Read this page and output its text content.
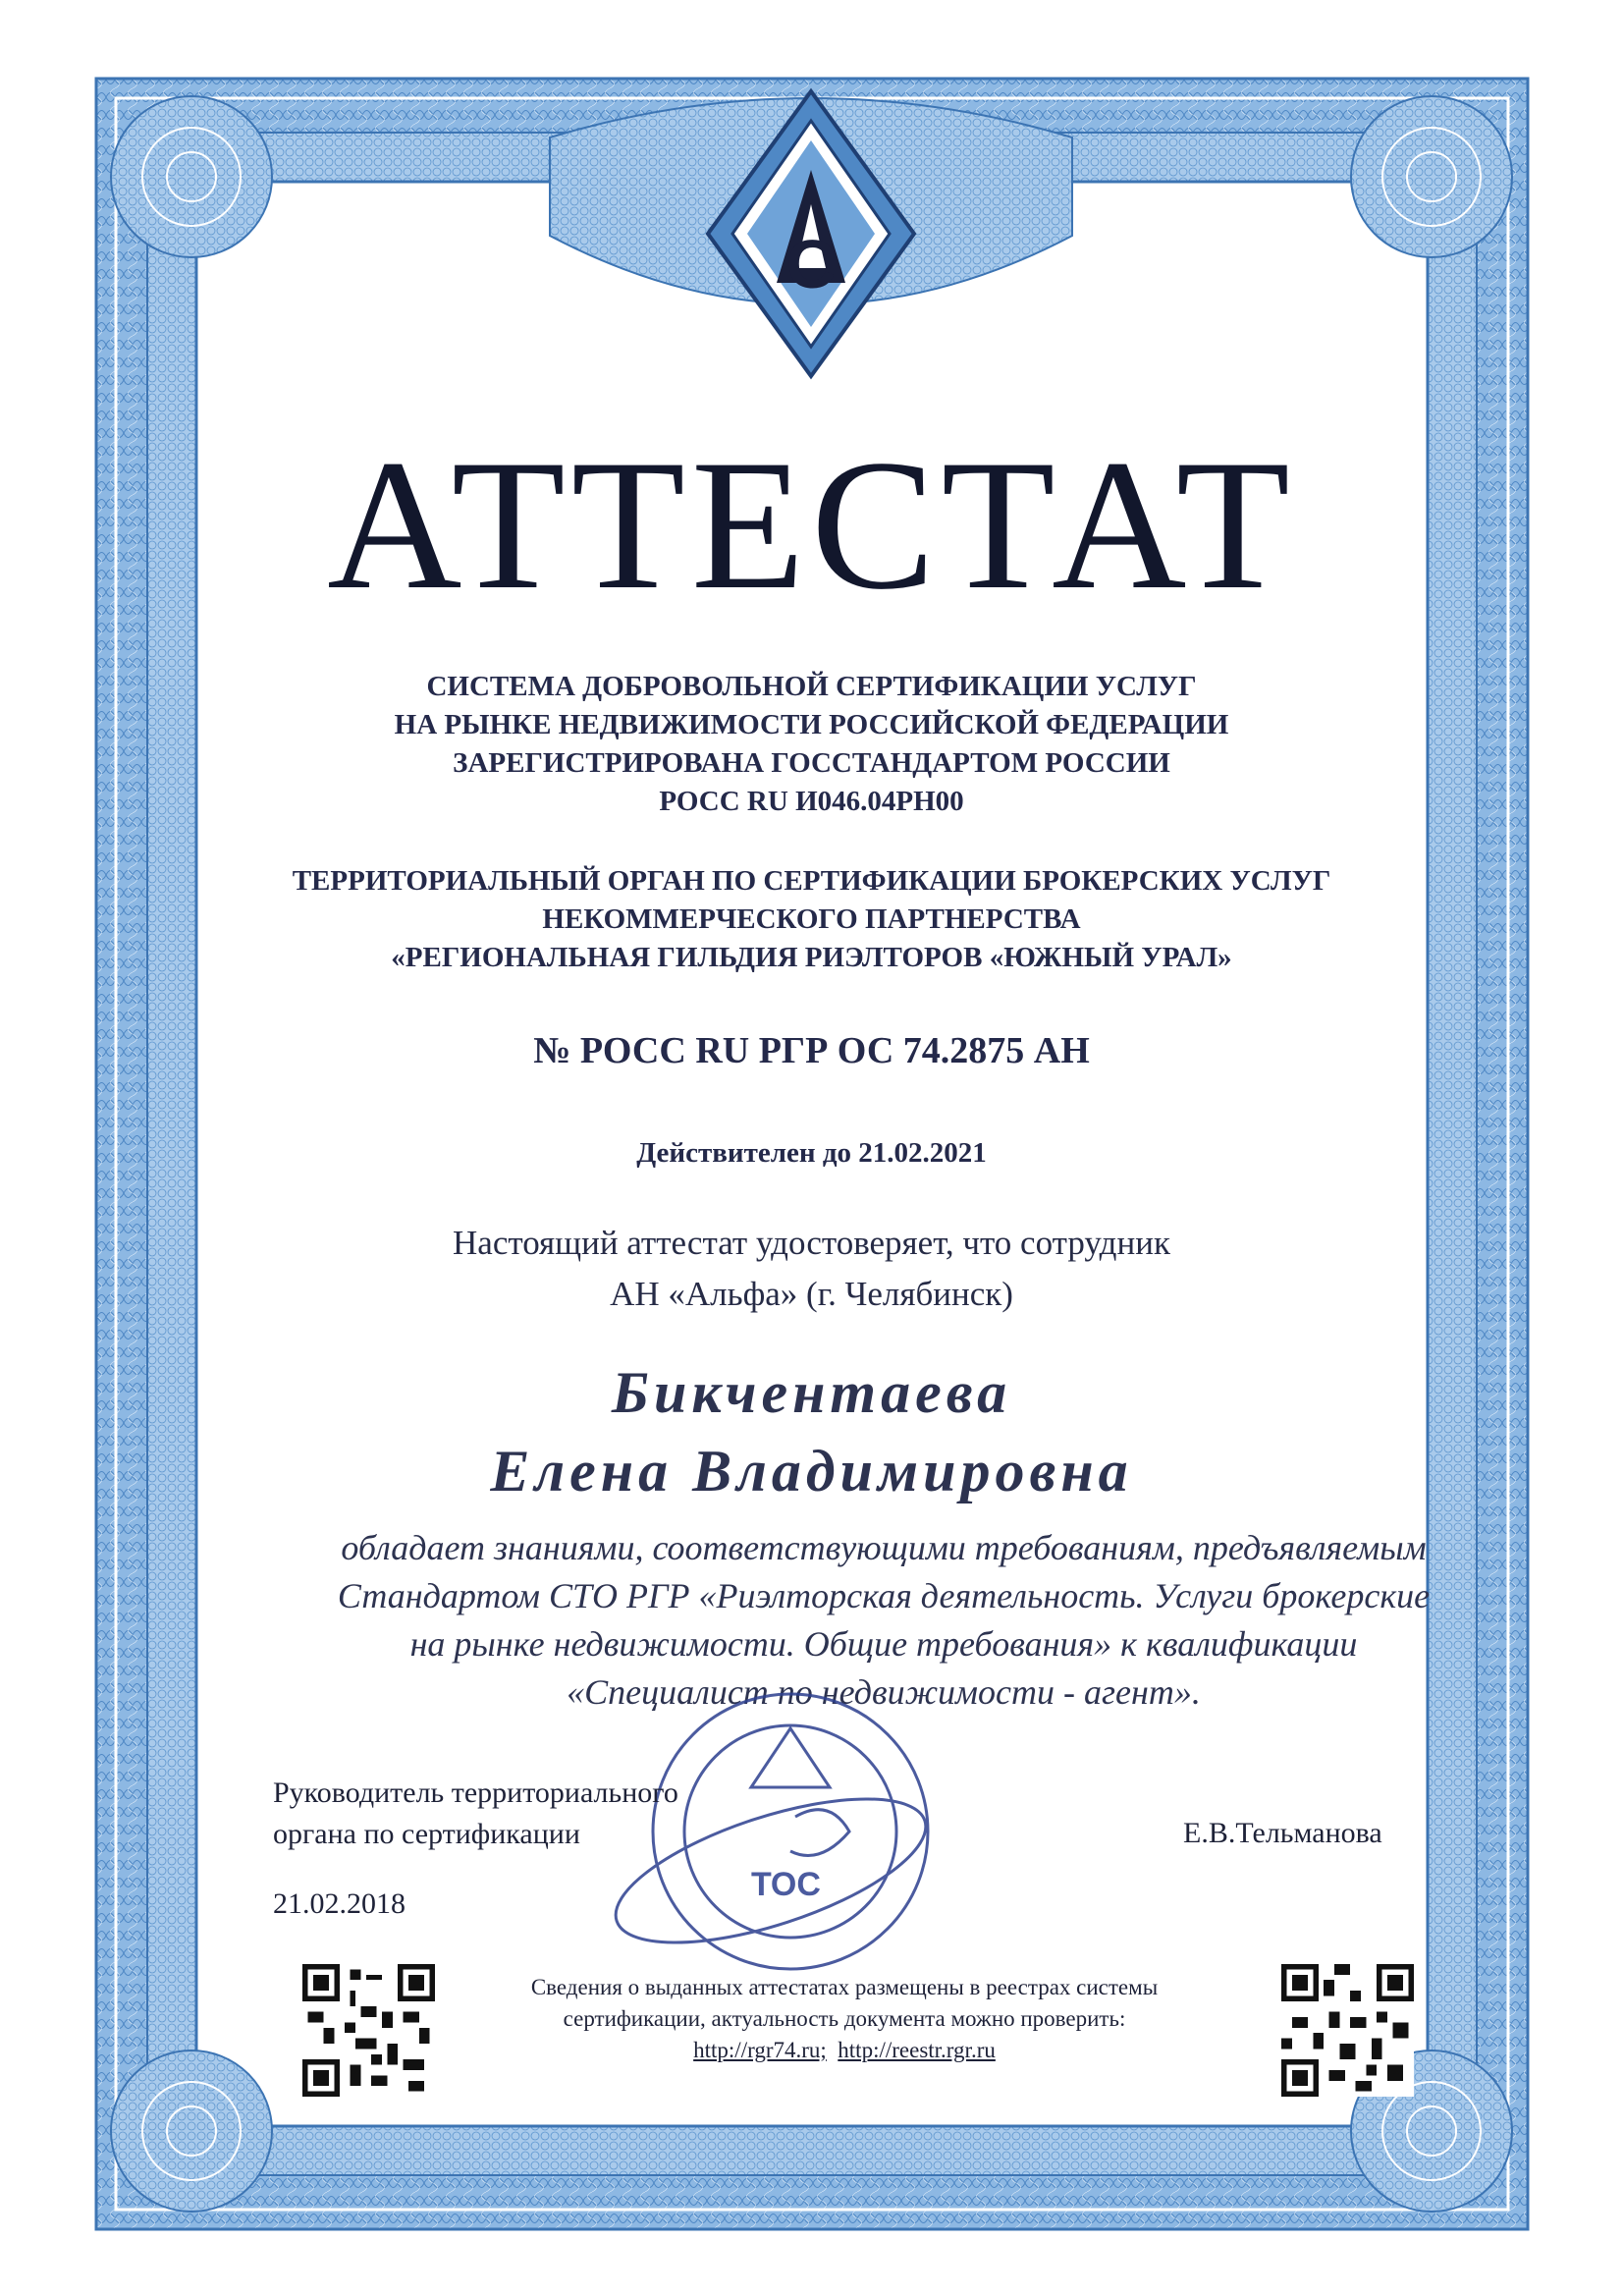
C
АТТЕСТАТ
СИСТЕМА ДОБРОВОЛЬНОЙ СЕРТИФИКАЦИИ УСЛУГ
НА РЫНКЕ НЕДВИЖИМОСТИ РОССИЙСКОЙ ФЕДЕРАЦИИ
ЗАРЕГИСТРИРОВАНА ГОССТАНДАРТОМ РОССИИ
РОСС RU И046.04РН00
ТЕРРИТОРИАЛЬНЫЙ ОРГАН ПО СЕРТИФИКАЦИИ БРОКЕРСКИХ УСЛУГ
НЕКОММЕРЧЕСКОГО ПАРТНЕРСТВА
«РЕГИОНАЛЬНАЯ ГИЛЬДИЯ РИЭЛТОРОВ «ЮЖНЫЙ УРАЛ»
№ РОСС RU РГР ОС 74.2875 АН
Действителен до 21.02.2021
Настоящий аттестат удостоверяет, что сотрудник
АН «Альфа» (г. Челябинск)
Бикчентаева
Елена Владимировна
обладает знаниями, соответствующими требованиям, предъявляемым
Стандартом СТО РГР «Риэлторская деятельность. Услуги брокерские
на рынке недвижимости. Общие требования» к квалификации
«Специалист по недвижимости - агент».
ТОС
Руководитель территориального
органа по сертификации	Е.В.Тельманова
21.02.2018
Сведения о выданных аттестатах размещены в реестрах системы
сертификации, актуальность документа можно проверить:
http://rgr74.ru; http://reestr.rgr.ru
